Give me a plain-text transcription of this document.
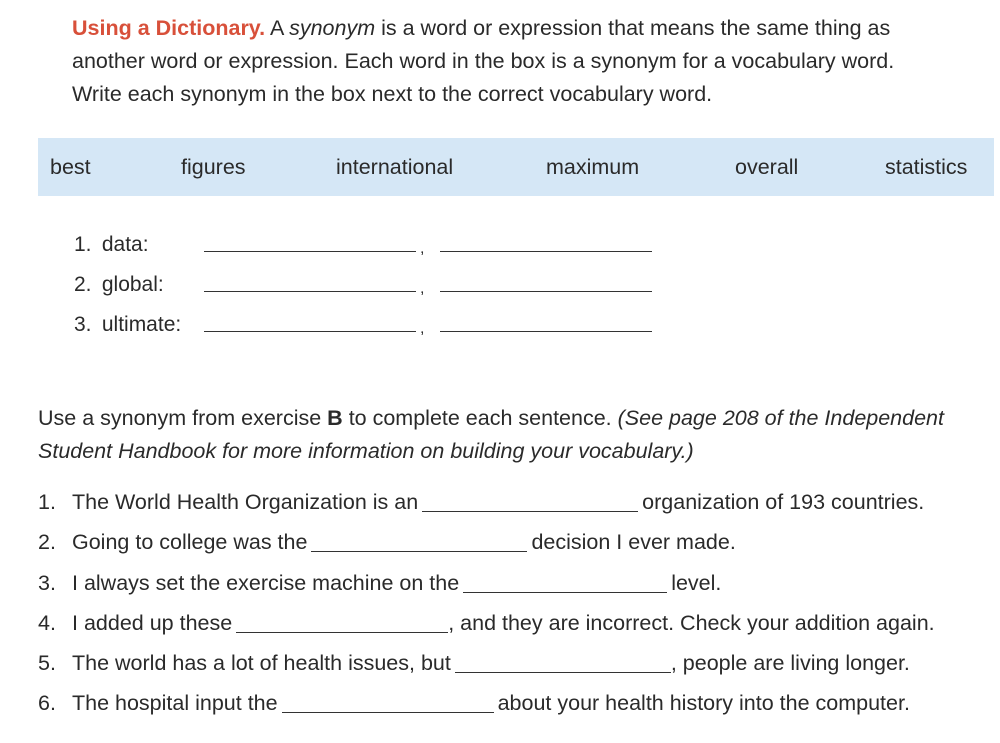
Using a Dictionary. A synonym is a word or expression that means the same thing as
another word or expression. Each word in the box is a synonym for a vocabulary word.
Write each synonym in the box next to the correct vocabulary word.
best	figures	international	maximum	overall	statistics
1. data:	,
2. global:	,
3. ultimate:	,
Use a synonym from exercise B to complete each sentence. (See page 208 of the Independent
Student Handbook for more information on building your vocabulary.)
1. The World Health Organization is an	organization of 193 countries.
2. Going to college was the	decision I ever made.
3. I always set the exercise machine on the	level.
4. I added up these	, and they are incorrect. Check your addition again.
5. The world has a lot of health issues, but	, people are living longer.
6. The hospital input the	about your health history into the computer.
